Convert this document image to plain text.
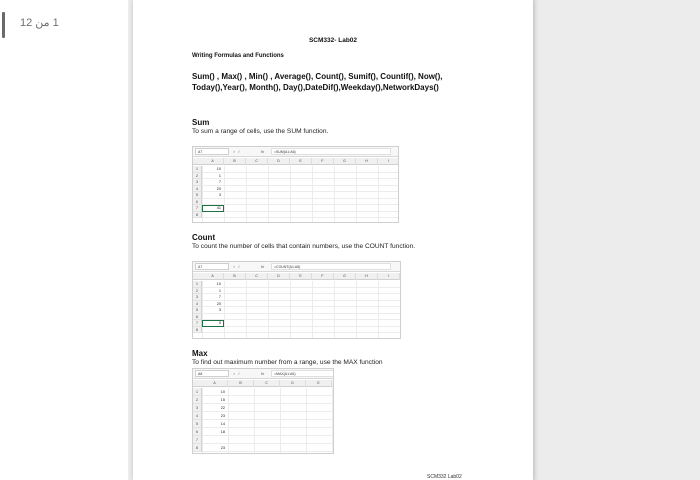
1 من 12
SCM332- Lab02
Writing Formulas and Functions
Sum() , Max() , Min() , Average(), Count(), Sumif(), Countif(), Now(),
Today(),Year(), Month(), Day(),DateDif(),Weekday(),NetworkDays()
Sum
To sum a range of cells, use the SUM function.
A7	×✓	fx	=SUM(A1:A6)
A	B	C	D	E	F	G	H	I
1	10
2	1
3	7
4	20
5	3
6
7	41
8
Count
To count the number of cells that contain numbers, use the COUNT function.
A7	×✓	fx	=COUNT(A1:A5)
A	B	C	D	E	F	G	H	I
1	10
2	1
3	7
4	20
5	3
6
7	5
8
Max
To find out maximum number from a range, use the MAX function
A8	×✓	fx	=MAX(A1:A6)
A	B	C	D	E
1	10
2	15
3	22
4	23
5	14
6	18
7
8	23
SCM332 Lab02
